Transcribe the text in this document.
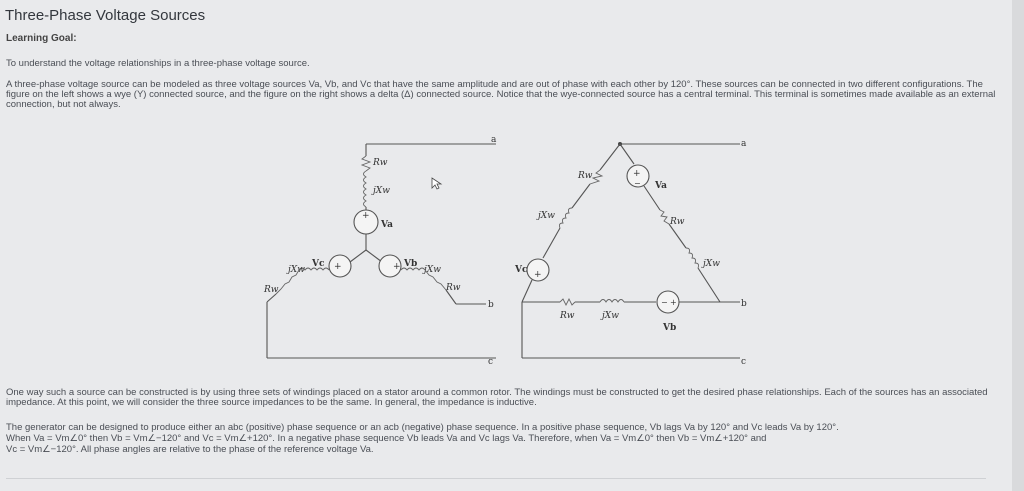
Three-Phase Voltage Sources
Learning Goal:
To understand the voltage relationships in a three-phase voltage source.
A three-phase voltage source can be modeled as three voltage sources Va, Vb, and Vc that have the same amplitude and are out of phase with each other by 120°. These sources can be connected in two different configurations. The figure on the left shows a wye (Y) connected source, and the figure on the right shows a delta (Δ) connected source. Notice that the wye-connected source has a central terminal. This terminal is sometimes made available as an external connection, but not always.
+
Va
+
Vc	+ Vb
jXw
Rw
jXw
Rw
Rw
jXw
a
b
c
Rw
jXw
+
Vc
Rw	jXw
− +
Vb
+
− Va
Rw
jXw
a
b
c
One way such a source can be constructed is by using three sets of windings placed on a stator around a common rotor. The windings must be constructed to get the desired phase relationships. Each of the sources has an associated impedance. At this point, we will consider the three source impedances to be the same. In general, the impedance is inductive.
The generator can be designed to produce either an abc (positive) phase sequence or an acb (negative) phase sequence. In a positive phase sequence, Vb lags Va by 120° and Vc leads Va by 120°.
When Va = Vm∠0° then Vb = Vm∠−120° and Vc = Vm∠+120°. In a negative phase sequence Vb leads Va and Vc lags Va. Therefore, when Va = Vm∠0° then Vb = Vm∠+120° and
Vc = Vm∠−120°. All phase angles are relative to the phase of the reference voltage Va.
